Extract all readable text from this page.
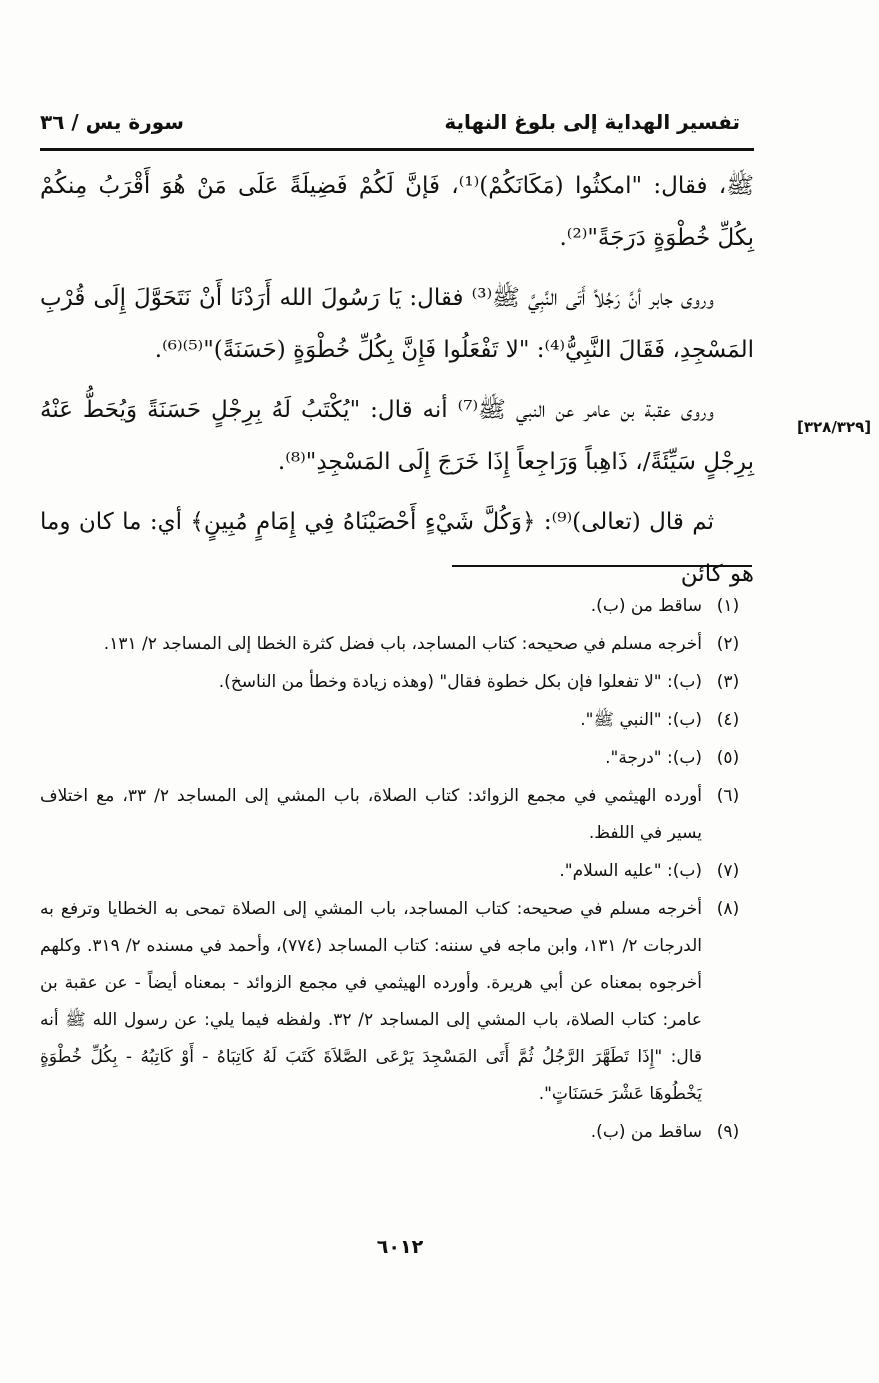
تفسير الهداية إلى بلوغ النهاية
سورة يس / ٣٦

ﷺ، فقال: "امكثُوا (مَكَانَكُمْ)⁽¹⁾، فَإنَّ لَكُمْ فَضِيلَةً عَلَى مَنْ هُوَ أَقْرَبُ مِنكُمْ بِكُلِّ خُطْوَةٍ دَرَجَةً"⁽²⁾.

وروى جابر أنَّ رَجُلاً أَتَى النَّبِيَّ ﷺ⁽³⁾ فقال: يَا رَسُولَ الله أَرَدْنَا أَنْ نَتَحَوَّلَ إِلَى قُرْبِ المَسْجِدِ، فَقَالَ النَّبِيُّ⁽⁴⁾: "لا تَفْعَلُوا فَإِنَّ بِكُلِّ خُطْوَةٍ (حَسَنَةً)"⁽⁵⁾⁽⁶⁾.

وروى عقبة بن عامر عن النبي ﷺ⁽⁷⁾ أنه قال: "يُكْتَبُ لَهُ بِرِجْلٍ حَسَنَةً وَيُحَطُّ عَنْهُ بِرِجْلٍ سَيِّئَةً/، ذَاهِباً وَرَاجِعاً إِذَا خَرَجَ إِلَى المَسْجِدِ"⁽⁸⁾.

ثم قال (تعالى)⁽⁹⁾: ﴿وَكُلَّ شَيْءٍ أَحْصَيْنَاهُ فِي إِمَامٍ مُبِينٍ﴾ أي: ما كان وما هو كائن

[٣٢٨/٣٢٩]
(١)
ساقط من (ب).
(٢)
أخرجه مسلم في صحيحه: كتاب المساجد، باب فضل كثرة الخطا إلى المساجد ٢/ ١٣١.
(٣)
(ب): "لا تفعلوا فإن بكل خطوة فقال" (وهذه زيادة وخطأ من الناسخ).
(٤)
(ب): "النبي ﷺ".
(٥)
(ب): "درجة".
(٦)
أورده الهيثمي في مجمع الزوائد: كتاب الصلاة، باب المشي إلى المساجد ٢/ ٣٣، مع اختلاف يسير في اللفظ.
(٧)
(ب): "عليه السلام".
(٨)
أخرجه مسلم في صحيحه: كتاب المساجد، باب المشي إلى الصلاة تمحى به الخطايا وترفع به الدرجات ٢/ ١٣١، وابن ماجه في سننه: كتاب المساجد (٧٧٤)، وأحمد في مسنده ٢/ ٣١٩. وكلهم أخرجوه بمعناه عن أبي هريرة. وأورده الهيثمي في مجمع الزوائد - بمعناه أيضاً - عن عقبة بن عامر: كتاب الصلاة، باب المشي إلى المساجد ٢/ ٣٢. ولفظه فيما يلي: عن رسول الله ﷺ أنه قال: "إِذَا تَطَهَّرَ الرَّجُلُ ثُمَّ أَتَى المَسْجِدَ يَرْعَى الصَّلاَةَ كَتَبَ لَهُ كَاتِبَاهُ - أَوْ كَاتِبُهُ - بِكُلِّ خُطْوَةٍ يَخْطُوهَا عَشْرَ حَسَنَاتٍ".
(٩)
ساقط من (ب).
٦٠١٢
